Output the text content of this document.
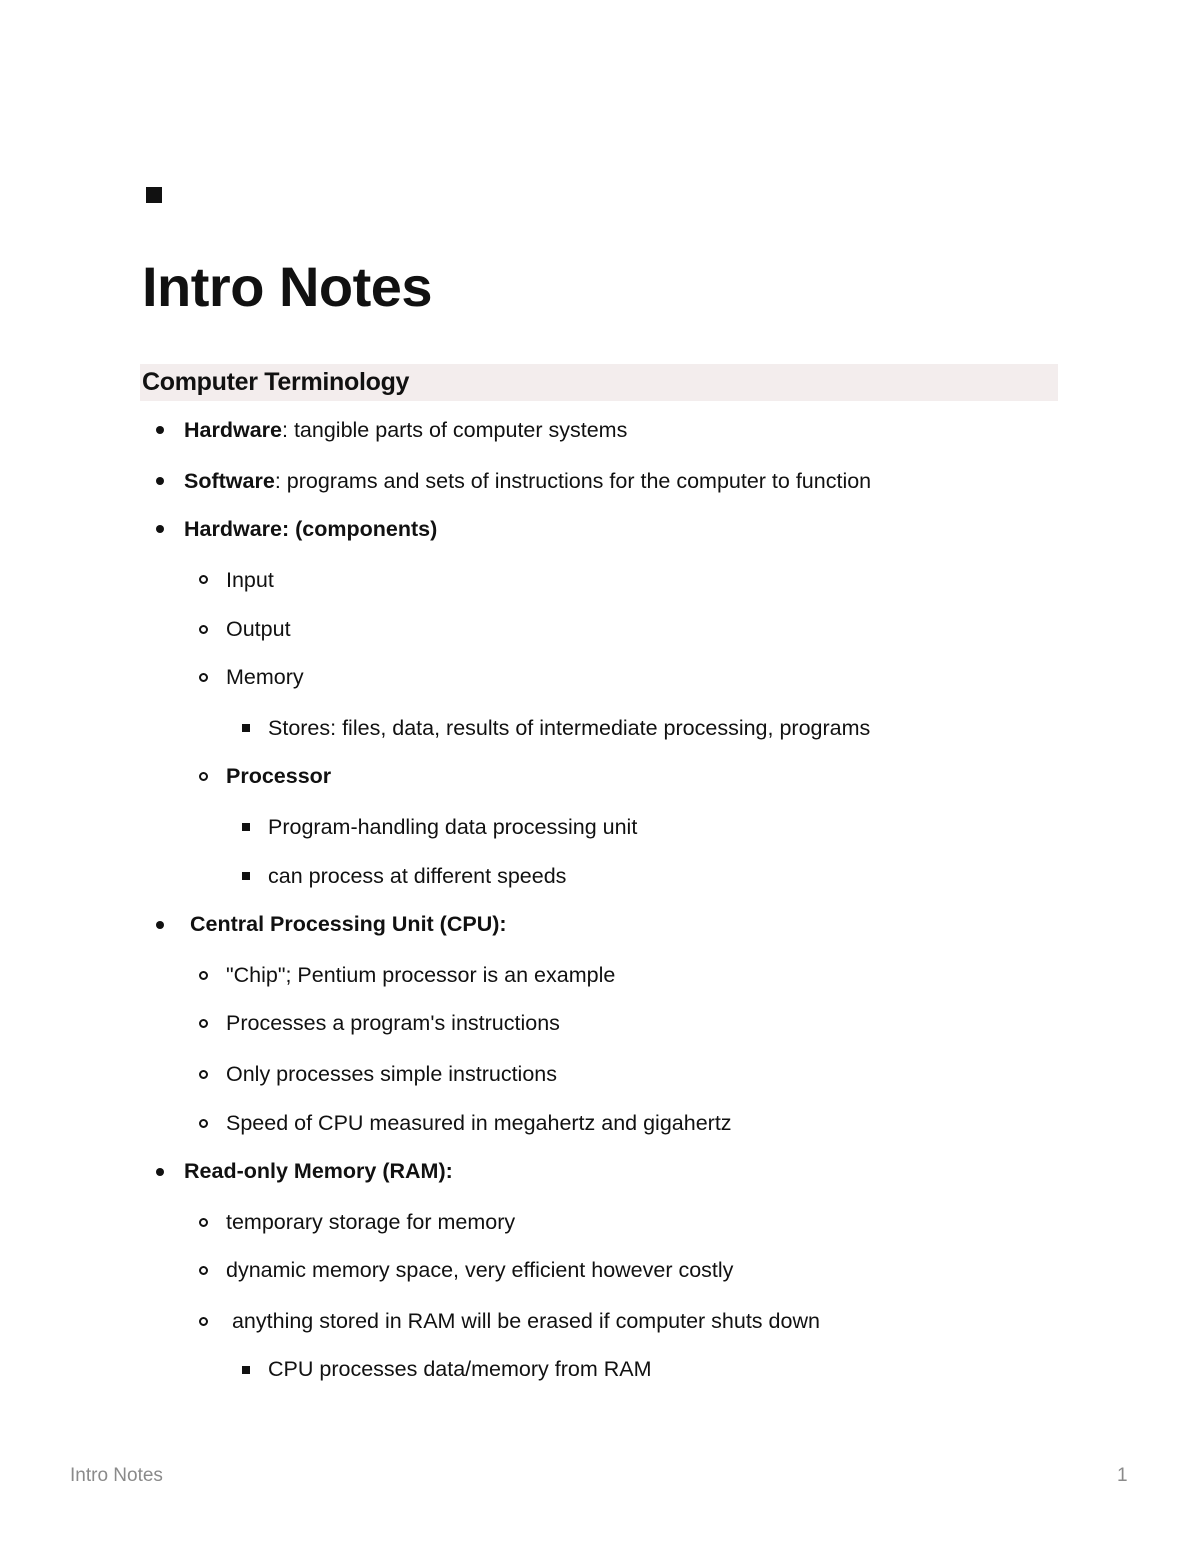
Intro Notes
Computer Terminology
Hardware: tangible parts of computer systems
Software: programs and sets of instructions for the computer to function
Hardware: (components)
Input
Output
Memory
Stores: files, data, results of intermediate processing, programs
Processor
Program-handling data processing unit
can process at different speeds
Central Processing Unit (CPU):
"Chip"; Pentium processor is an example
Processes a program's instructions
Only processes simple instructions
Speed of CPU measured in megahertz and gigahertz
Read-only Memory (RAM):
temporary storage for memory
dynamic memory space, very efficient however costly
anything stored in RAM will be erased if computer shuts down
CPU processes data/memory from RAM
Intro Notes	1
